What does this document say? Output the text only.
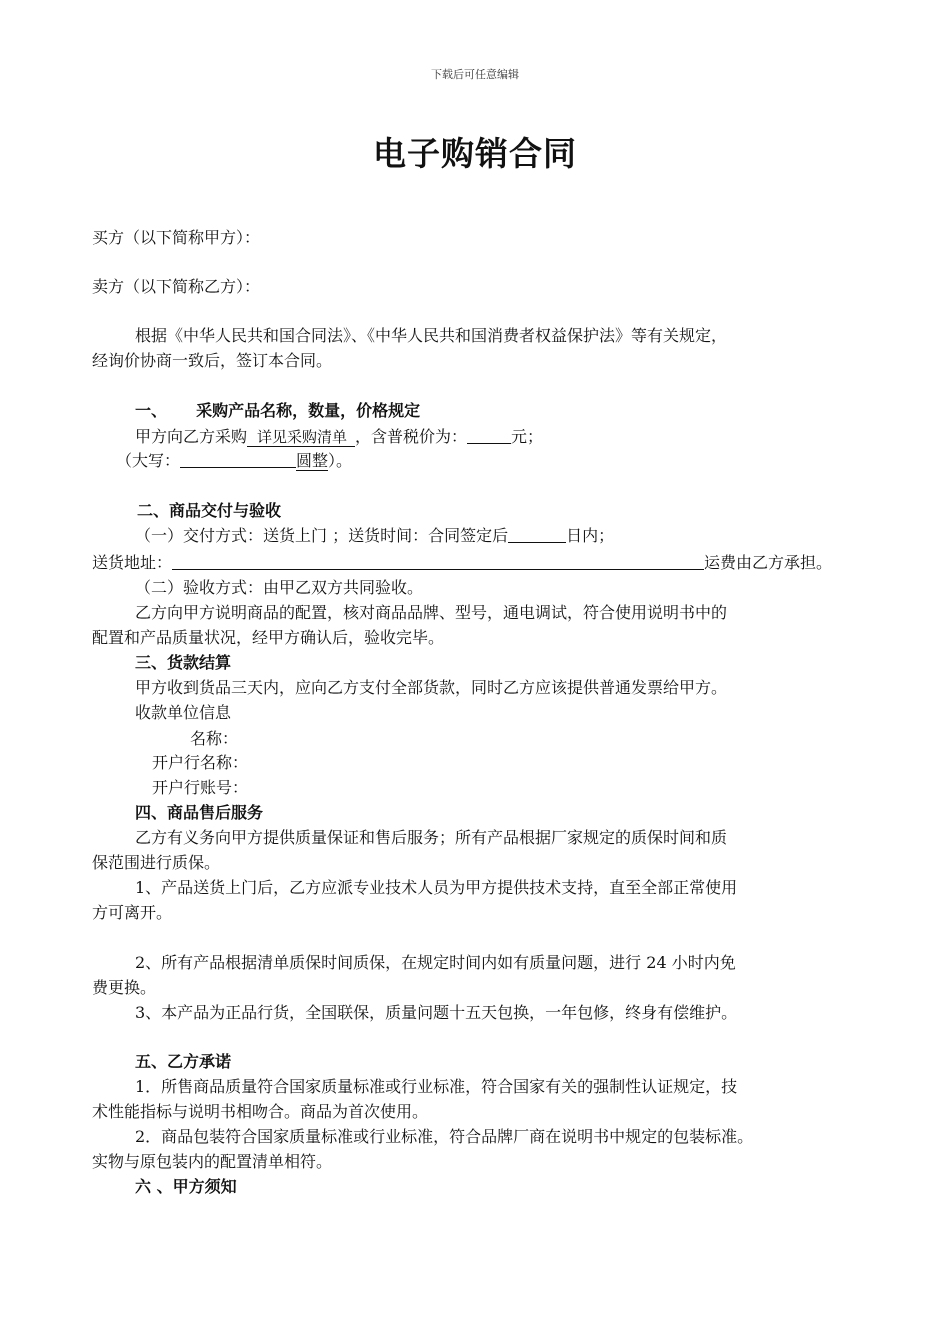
下载后可任意编辑
电子购销合同
买方（以下简称甲方）：
卖方（以下简称乙方）：
根据《中华人民共和国合同法》、《中华人民共和国消费者权益保护法》等有关规定，
经询价协商一致后，签订本合同。
一、 采购产品名称，数量，价格规定
甲方向乙方采购 详见采购清单 ，含普税价为：	元；
（大写：	圆整）。
二、商品交付与验收
（一）交付方式：送货上门 ；送货时间：合同签定后	日内；
送货地址：	运费由乙方承担。
（二）验收方式：由甲乙双方共同验收。
乙方向甲方说明商品的配置，核对商品品牌、型号，通电调试，符合使用说明书中的
配置和产品质量状况，经甲方确认后，验收完毕。
三、货款结算
甲方收到货品三天内，应向乙方支付全部货款，同时乙方应该提供普通发票给甲方。
收款单位信息
名称：
开户行名称：
开户行账号：
四、商品售后服务
乙方有义务向甲方提供质量保证和售后服务；所有产品根据厂家规定的质保时间和质
保范围进行质保。
1、产品送货上门后，乙方应派专业技术人员为甲方提供技术支持，直至全部正常使用
方可离开。
2、所有产品根据清单质保时间质保，在规定时间内如有质量问题，进行 24 小时内免
费更换。
3、本产品为正品行货，全国联保，质量问题十五天包换，一年包修，终身有偿维护。
五、乙方承诺
1．所售商品质量符合国家质量标准或行业标准，符合国家有关的强制性认证规定，技
术性能指标与说明书相吻合。商品为首次使用。
2．商品包装符合国家质量标准或行业标准，符合品牌厂商在说明书中规定的包装标准。
实物与原包装内的配置清单相符。
六 、甲方须知
